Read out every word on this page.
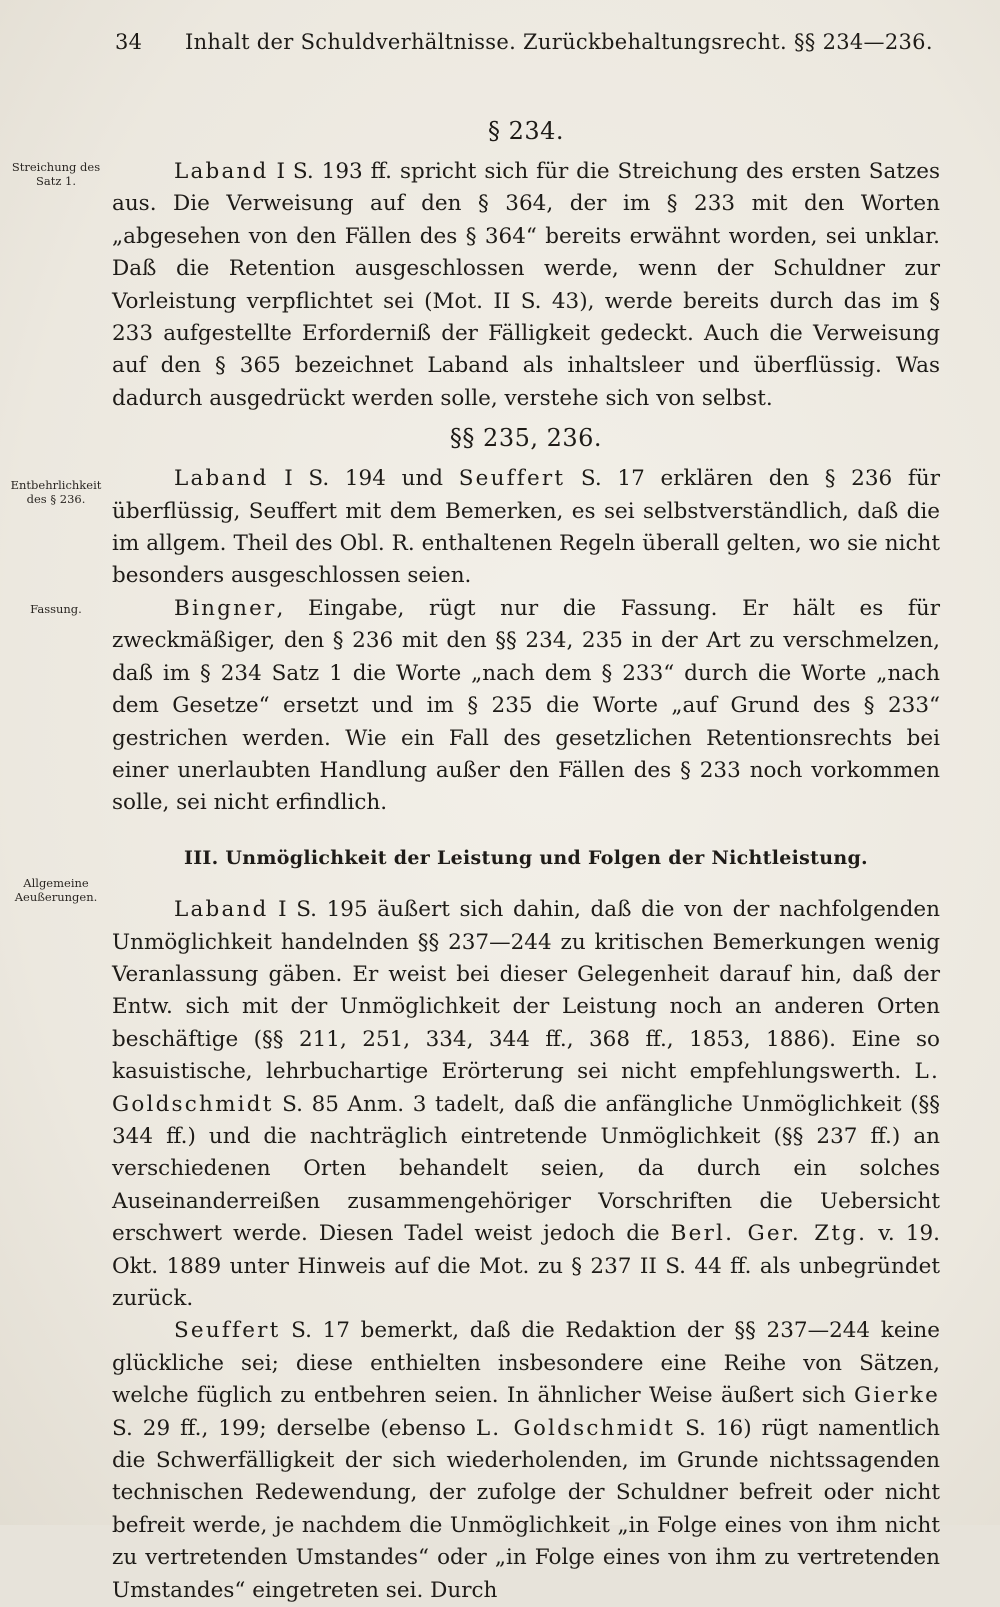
34 Inhalt der Schuldverhältnisse. Zurückbehaltungsrecht. §§ 234—236.
Streichung des Satz 1.
Entbehrlichkeit des § 236.
Fassung.
Allgemeine Aeußerungen.
§ 234.

Laband I S. 193 ff. spricht sich für die Streichung des ersten Satzes aus. Die Verweisung auf den § 364, der im § 233 mit den Worten „abgesehen von den Fällen des § 364“ bereits erwähnt worden, sei unklar. Daß die Retention ausgeschlossen werde, wenn der Schuldner zur Vorleistung verpflichtet sei (Mot. II S. 43), werde bereits durch das im § 233 aufgestellte Erforderniß der Fälligkeit gedeckt. Auch die Verweisung auf den § 365 bezeichnet Laband als inhaltsleer und überflüssig. Was dadurch ausgedrückt werden solle, verstehe sich von selbst.

§§ 235, 236.

Laband I S. 194 und Seuffert S. 17 erklären den § 236 für überflüssig, Seuffert mit dem Bemerken, es sei selbstverständlich, daß die im allgem. Theil des Obl. R. enthaltenen Regeln überall gelten, wo sie nicht besonders ausgeschlossen seien.

Bingner, Eingabe, rügt nur die Fassung. Er hält es für zweckmäßiger, den § 236 mit den §§ 234, 235 in der Art zu verschmelzen, daß im § 234 Satz 1 die Worte „nach dem § 233“ durch die Worte „nach dem Gesetze“ ersetzt und im § 235 die Worte „auf Grund des § 233“ gestrichen werden. Wie ein Fall des gesetzlichen Retentionsrechts bei einer unerlaubten Handlung außer den Fällen des § 233 noch vorkommen solle, sei nicht erfindlich.

III. Unmöglichkeit der Leistung und Folgen der Nichtleistung.

Laband I S. 195 äußert sich dahin, daß die von der nachfolgenden Unmöglichkeit handelnden §§ 237—244 zu kritischen Bemerkungen wenig Veranlassung gäben. Er weist bei dieser Gelegenheit darauf hin, daß der Entw. sich mit der Unmöglichkeit der Leistung noch an anderen Orten beschäftige (§§ 211, 251, 334, 344 ff., 368 ff., 1853, 1886). Eine so kasuistische, lehrbuchartige Erörterung sei nicht empfehlungswerth. L. Goldschmidt S. 85 Anm. 3 tadelt, daß die anfängliche Unmöglichkeit (§§ 344 ff.) und die nachträglich eintretende Unmöglichkeit (§§ 237 ff.) an verschiedenen Orten behandelt seien, da durch ein solches Auseinanderreißen zusammengehöriger Vorschriften die Uebersicht erschwert werde. Diesen Tadel weist jedoch die Berl. Ger. Ztg. v. 19. Okt. 1889 unter Hinweis auf die Mot. zu § 237 II S. 44 ff. als unbegründet zurück.

Seuffert S. 17 bemerkt, daß die Redaktion der §§ 237—244 keine glückliche sei; diese enthielten insbesondere eine Reihe von Sätzen, welche füglich zu entbehren seien. In ähnlicher Weise äußert sich Gierke S. 29 ff., 199; derselbe (ebenso L. Goldschmidt S. 16) rügt namentlich die Schwerfälligkeit der sich wiederholenden, im Grunde nichtssagenden technischen Redewendung, der zufolge der Schuldner befreit oder nicht befreit werde, je nachdem die Unmöglichkeit „in Folge eines von ihm nicht zu vertretenden Umstandes“ oder „in Folge eines von ihm zu vertretenden Umstandes“ eingetreten sei. Durch
